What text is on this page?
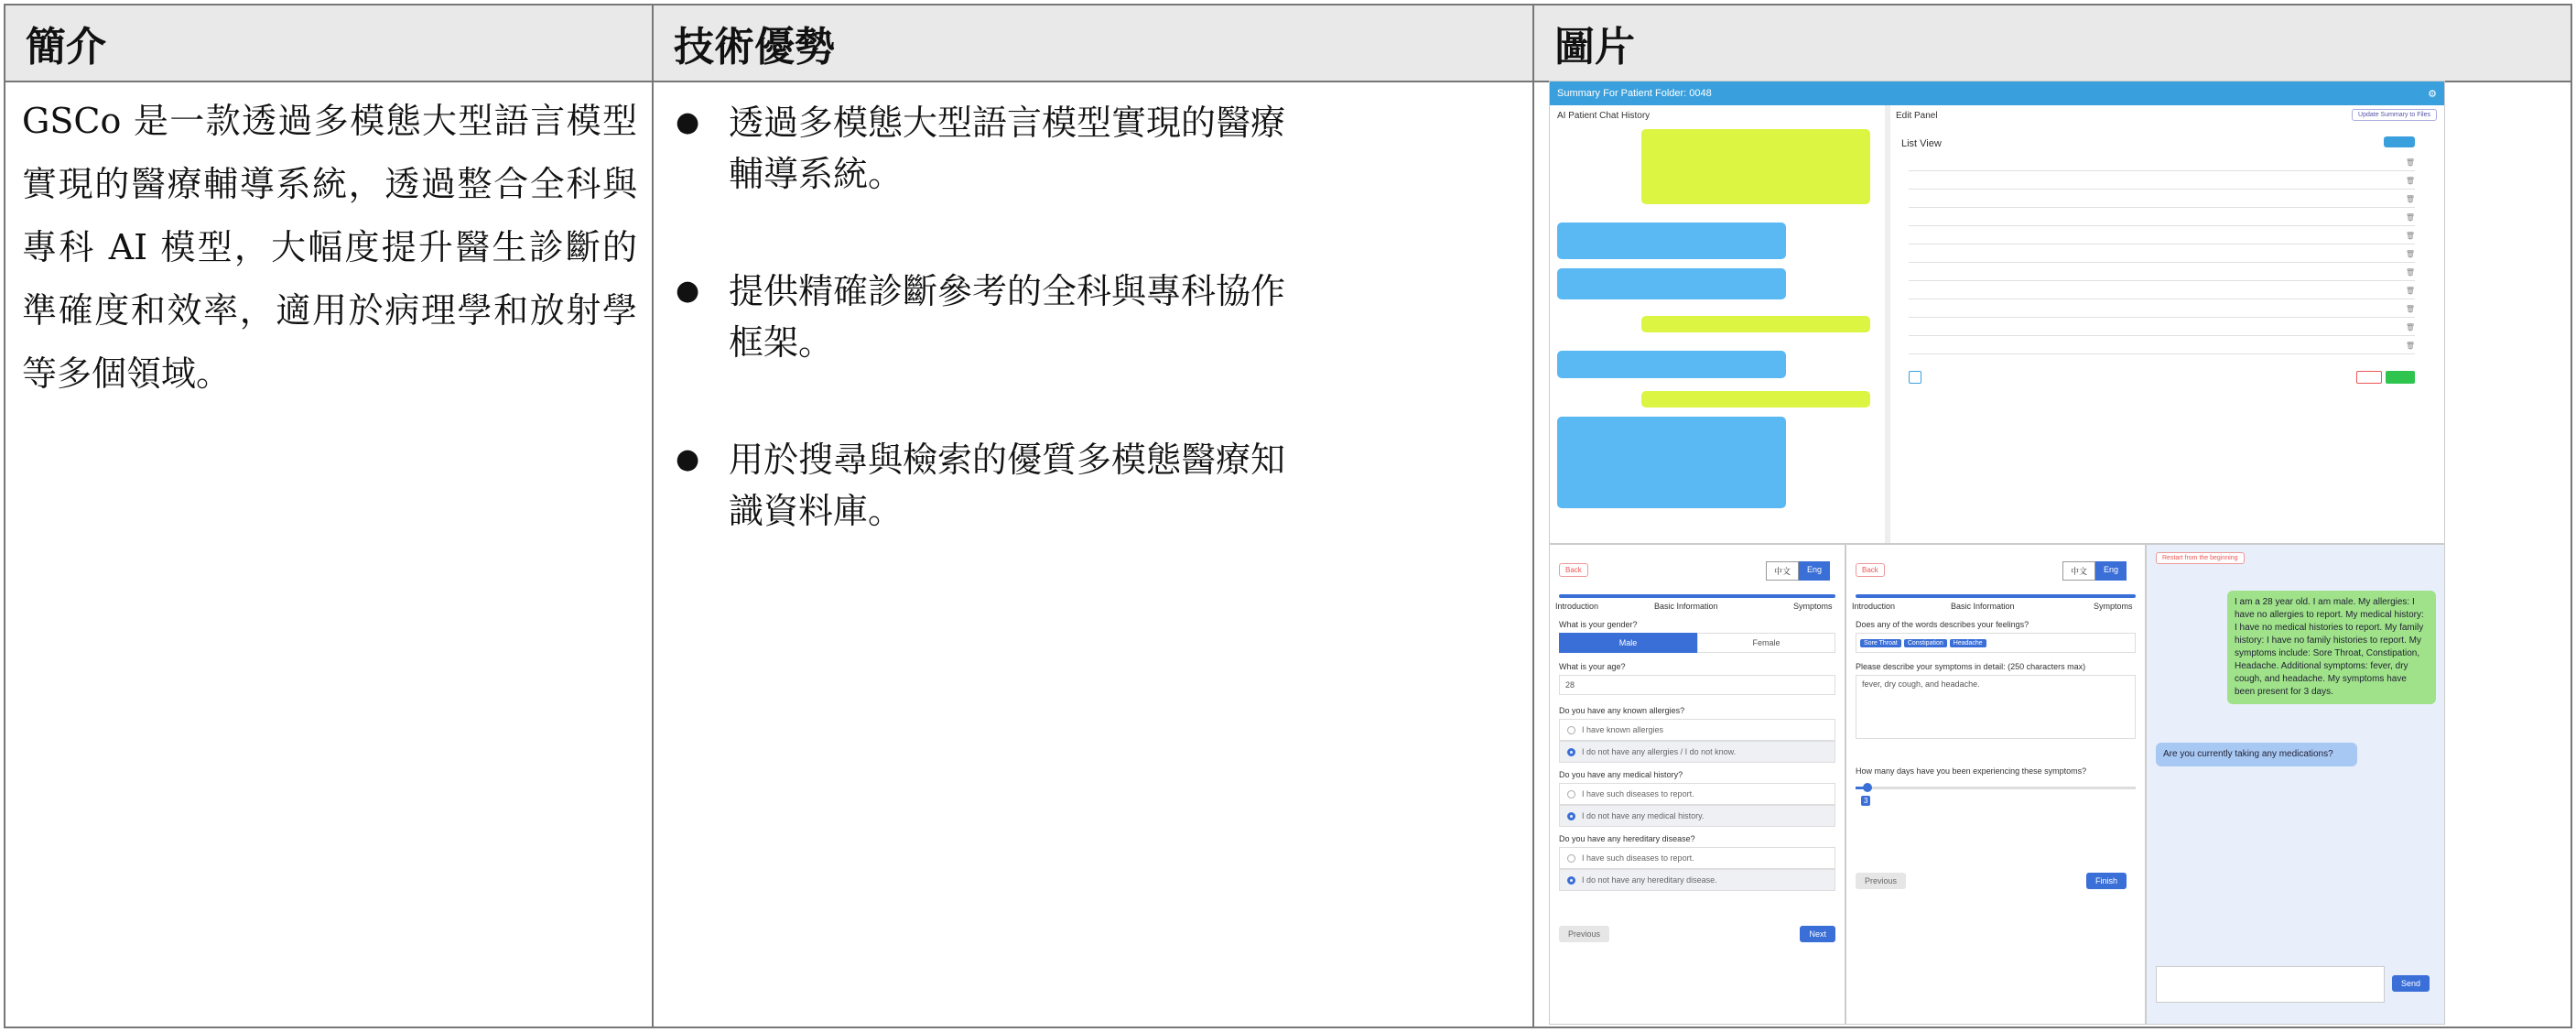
簡介	技術優勢	圖片
GSCo 是一款透過多模態大型語言模型實現的醫療輔導系統，透過整合全科與專科 AI 模型，大幅度提升醫生診斷的準確度和效率，適用於病理學和放射學等多個領域。
● 透過多模態大型語言模型實現的醫療
輔導系統。
● 提供精確診斷參考的全科與專科協作
框架。
● 用於搜尋與檢索的優質多模態醫療知
識資料庫。
Summary For Patient Folder: 0048	⚙
AI Patient Chat History	Edit Panel	Update Summary to Files
List View
🗑
🗑
🗑
🗑
🗑
🗑
🗑
🗑
🗑
🗑
🗑
Back	中文	Eng
Introduction	Basic Information	Symptoms
What is your gender?
Male	Female
What is your age?
28
Do you have any known allergies?
I have known allergies
I do not have any allergies / I do not know.
Do you have any medical history?
I have such diseases to report.
I do not have any medical history.
Do you have any hereditary disease?
I have such diseases to report.
I do not have any hereditary disease.
Previous	Next
Back	中文	Eng
Introduction	Basic Information	Symptoms
Does any of the words describes your feelings?
Sore Throat	Constipation	Headache
Please describe your symptoms in detail: (250 characters max)
fever, dry cough, and headache.
How many days have you been experiencing these symptoms?
3
Previous	Finish
Restart from the beginning
I am a 28 year old. I am male. My allergies: I have no allergies to report. My medical history: I have no medical histories to report. My family history: I have no family histories to report. My symptoms include: Sore Throat, Constipation, Headache. Additional symptoms: fever, dry cough, and headache. My symptoms have been present for 3 days.
Are you currently taking any medications?
Send
